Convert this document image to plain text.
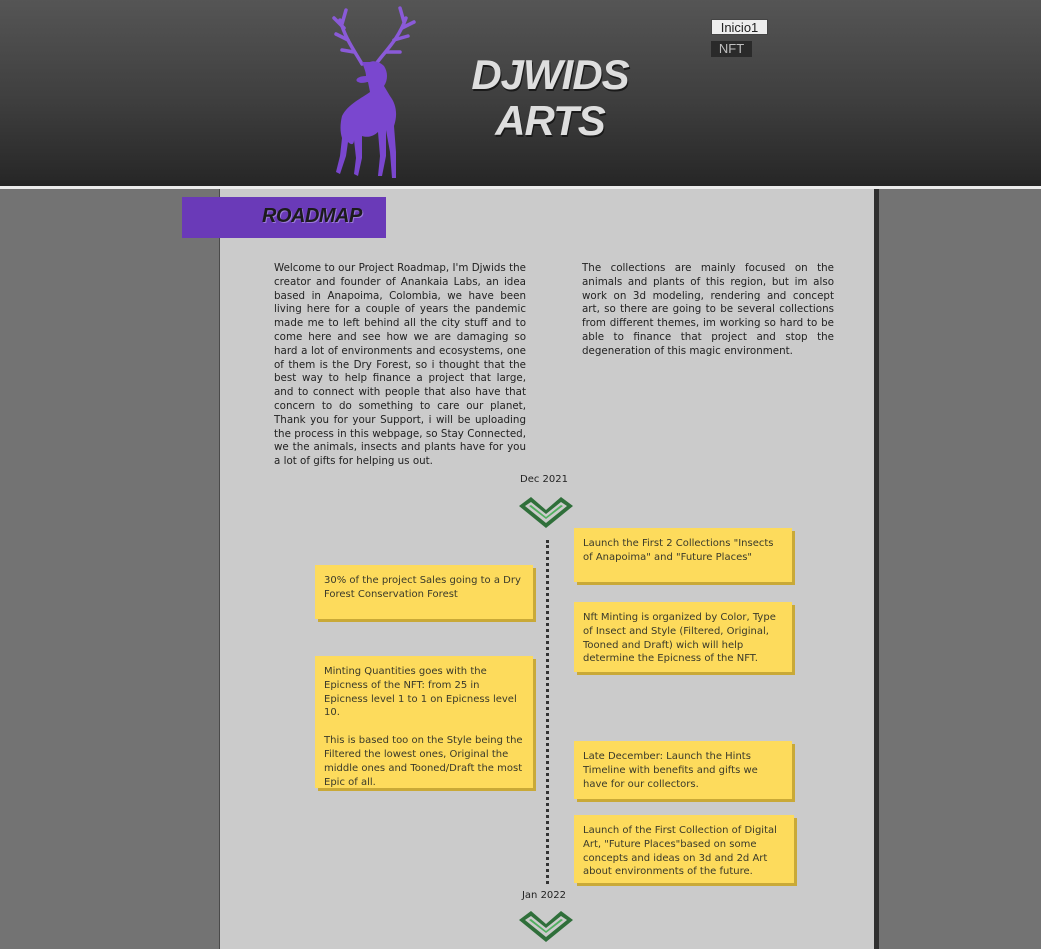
DJWIDS
ARTS
Inicio1
NFT
ROADMAP

Welcome to our Project Roadmap, I'm Djwids the creator and founder of Anankaia Labs, an idea based in Anapoima, Colombia, we have been living here for a couple of years the pandemic made me to left behind all the city stuff and to come here and see how we are damaging so hard a lot of environments and ecosystems, one of them is the Dry Forest, so i thought that the best way to help finance a project that large, and to connect with people that also have that concern to do something to care our planet, Thank you for your Support, i will be uploading the process in this webpage, so Stay Connected, we the animals, insects and plants have for you a lot of gifts for helping us out.

The collections are mainly focused on the animals and plants of this region, but im also work on 3d modeling, rendering and concept art, so there are going to be several collections from different themes, im working so hard to be able to finance that project and stop the degeneration of this magic environment.

Dec 2021

30% of the project Sales going to a Dry Forest Conservation Forest

Minting Quantities goes with the Epicness of the NFT: from 25 in Epicness level 1 to 1 on Epicness level 10.

This is based too on the Style being the Filtered the lowest ones, Original the middle ones and Tooned/Draft the most Epic of all.

Launch the First 2 Collections "Insects of Anapoima" and "Future Places"

Nft Minting is organized by Color, Type of Insect and Style (Filtered, Original, Tooned and Draft) wich will help determine the Epicness of the NFT.

Late December: Launch the Hints Timeline with benefits and gifts we have for our collectors.

Launch of the First Collection of Digital Art, "Future Places"based on some concepts and ideas on 3d and 2d Art about environments of the future.

Jan 2022
